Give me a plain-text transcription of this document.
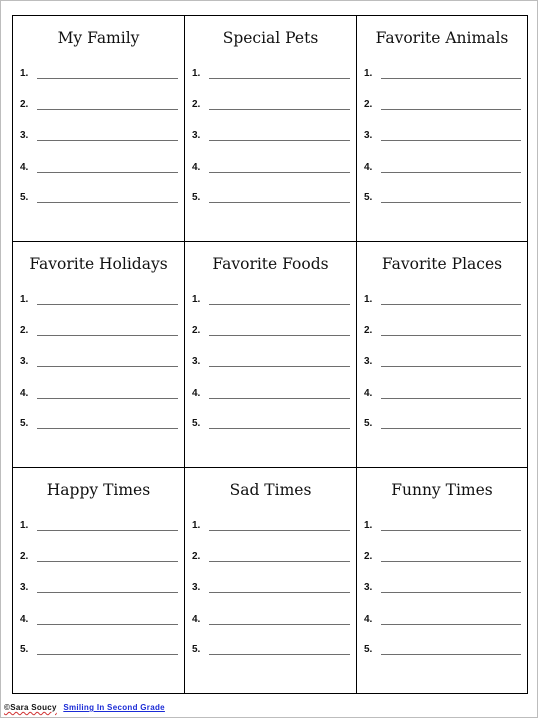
My Family
1.
2.
3.
4.
5.
Special Pets
1.
2.
3.
4.
5.
Favorite Animals
1.
2.
3.
4.
5.
Favorite Holidays
1.
2.
3.
4.
5.
Favorite Foods
1.
2.
3.
4.
5.
Favorite Places
1.
2.
3.
4.
5.
Happy Times
1.
2.
3.
4.
5.
Sad Times
1.
2.
3.
4.
5.
Funny Times
1.
2.
3.
4.
5.
©Sara Soucy Smiling In Second Grade
